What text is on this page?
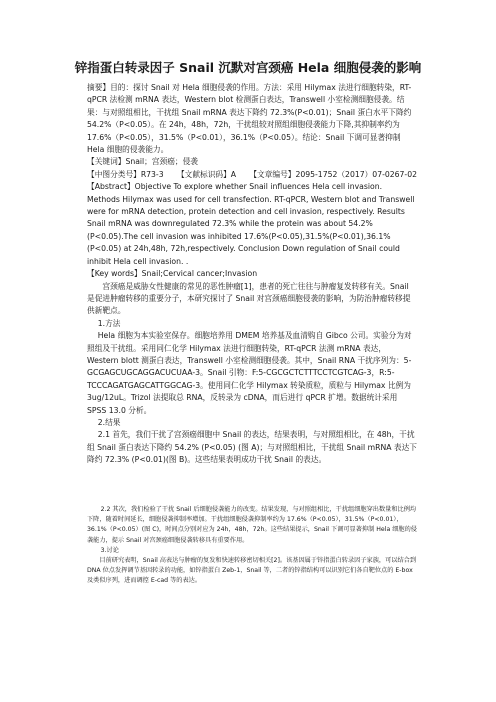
锌指蛋白转录因子 Snail 沉默对宫颈癌 Hela 细胞侵袭的影响

摘要】目的：探讨 Snail 对 Hela 细胞侵袭的作用。方法：采用 Hilymax 法进行细胞转染，RT-qPCR 法检测 mRNA 表达，Western blot 检测蛋白表达，Transwell 小室检测细胞侵袭。结果：与对照组相比，干扰组 Snail mRNA 表达下降约 72.3%(P<0.01)；Snail 蛋白水平下降约 54.2%（P<0.05）。在 24h，48h，72h，干扰组较对照组细胞侵袭能力下降,其抑制率约为 17.6%（P<0.05），31.5%（P<0.01），36.1%（P<0.05）。结论：Snail 下调可显著抑制 Hela 细胞的侵袭能力。

【关键词】Snail；宫颈癌；侵袭

【中图分类号】R73-3 【文献标识码】A 【文章编号】2095-1752（2017）07-0267-02

【Abstract】Objective To explore whether Snail influences Hela cell invasion. Methods Hilymax was used for cell transfection. RT-qPCR, Western blot and Transwell were for mRNA detection, protein detection and cell invasion, respectively. Results Snail mRNA was downregulated 72.3% while the protein was about 54.2%(P<0.05).The cell invasion was inhibited 17.6%(P<0.05),31.5%(P<0.01),36.1%(P<0.05) at 24h,48h, 72h,respectively. Conclusion Down regulation of Snail could inhibit Hela cell invasion. .

【Key words】Snail;Cervical cancer;Invasion

宫颈癌是威胁女性健康的常见的恶性肿瘤[1]，患者的死亡往往与肿瘤复发转移有关。Snail 是促进肿瘤转移的重要分子，本研究探讨了 Snail 对宫颈癌细胞侵袭的影响，为防治肿瘤转移提供新靶点。

1.方法

Hela 细胞为本实验室保存。细胞培养用 DMEM 培养基及血清购自 Gibco 公司。实验分为对照组及干扰组。采用同仁化学 Hilymax 法进行细胞转染，RT-qPCR 法测 mRNA 表达，Western blott 测蛋白表达，Transwell 小室检测细胞侵袭。其中，Snail RNA 干扰序列为：5-GCGAGCUGCAGGACUCUAA-3。Snail 引物：F:5-CGCGCTCTTTCCTCGTCAG-3，R:5-TCCCAGATGAGCATTGGCAG-3。使用同仁化学 Hilymax 转染质粒，质粒与 Hilymax 比例为 3ug/12uL。Trizol 法提取总 RNA，反转录为 cDNA，而后进行 qPCR 扩增。数据统计采用 SPSS 13.0 分析。

2.结果

2.1 首先，我们干扰了宫颈癌细胞中 Snail 的表达，结果表明，与对照组相比，在 48h，干扰组 Snail 蛋白表达下降约 54.2% (P<0.05) (图 A)；与对照组相比，干扰组 Snail mRNA 表达下降约 72.3% (P<0.01)(图 B)。这些结果表明成功干扰 Snail 的表达。

2.2 其次，我们检验了干扰 Snail 后细胞侵袭能力的改变。结果发现，与对照组相比，干扰组细胞穿出数量和比例均下降，随着时间延长，细胞侵袭抑制率增加。干扰组细胞侵袭抑制率约为 17.6%（P<0.05），31.5%（P<0.01），36.1%（P<0.05）(图 C)，时间点分别对应为 24h，48h，72h。这些结果提示，Snail 下调可显著抑制 Hela 细胞的侵袭能力，提示 Snail 对宫颈癌细胞侵袭转移具有重要作用。

3.讨论

目前研究表明，Snail 高表达与肿瘤的复发和快速转移密切相关[2]。该基因属于锌指蛋白转录因子家族，可以结合到 DNA 位点发挥调节基因转录的功能，如锌指蛋白 Zeb-1，Snail 等，二者的锌指结构可以识别它们各自靶位点的 E-box 及类似序列，进而调控 E-cad 等的表达。
